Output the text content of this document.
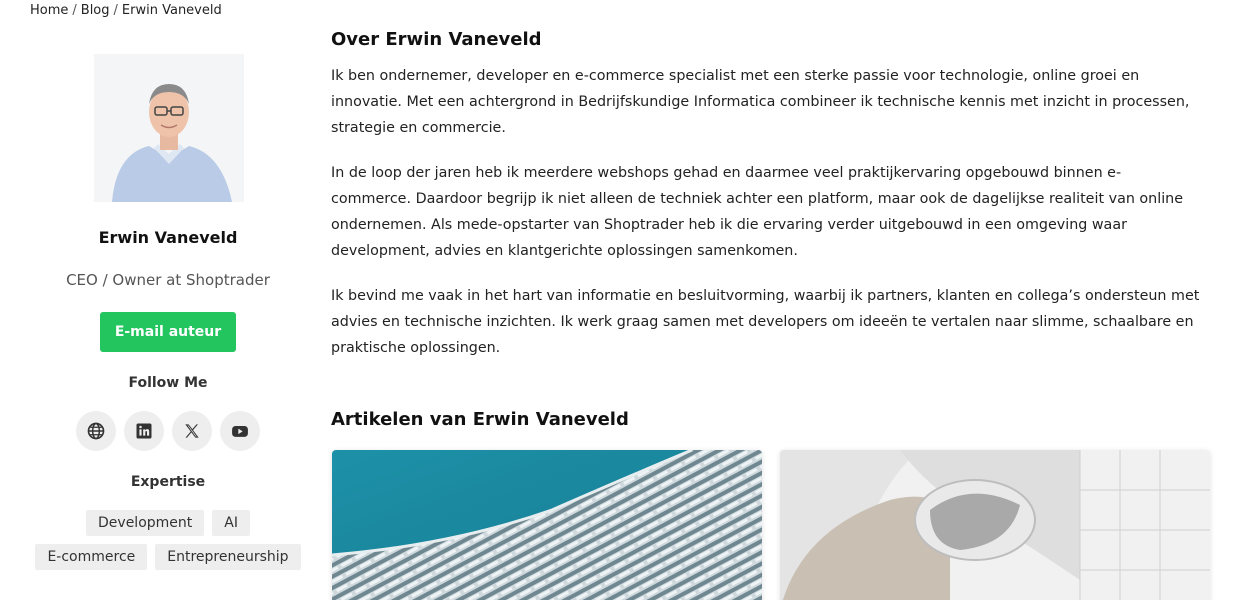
Home / Blog / Erwin Vaneveld
Erwin Vaneveld
CEO / Owner at Shoptrader
E-mail auteur
Follow Me
Expertise
Development	AI
E-commerce	Entrepreneurship
Over Erwin Vaneveld

Ik ben ondernemer, developer en e-commerce specialist met een sterke passie voor technologie, online groei en innovatie. Met een achtergrond in Bedrijfskundige Informatica combineer ik technische kennis met inzicht in processen, strategie en commercie.

In de loop der jaren heb ik meerdere webshops gehad en daarmee veel praktijkervaring opgebouwd binnen e-commerce. Daardoor begrijp ik niet alleen de techniek achter een platform, maar ook de dagelijkse realiteit van online ondernemen. Als mede-opstarter van Shoptrader heb ik die ervaring verder uitgebouwd in een omgeving waar development, advies en klantgerichte oplossingen samenkomen.

Ik bevind me vaak in het hart van informatie en besluitvorming, waarbij ik partners, klanten en collega’s ondersteun met advies en technische inzichten. Ik werk graag samen met developers om ideeën te vertalen naar slimme, schaalbare en praktische oplossingen.

Artikelen van Erwin Vaneveld
